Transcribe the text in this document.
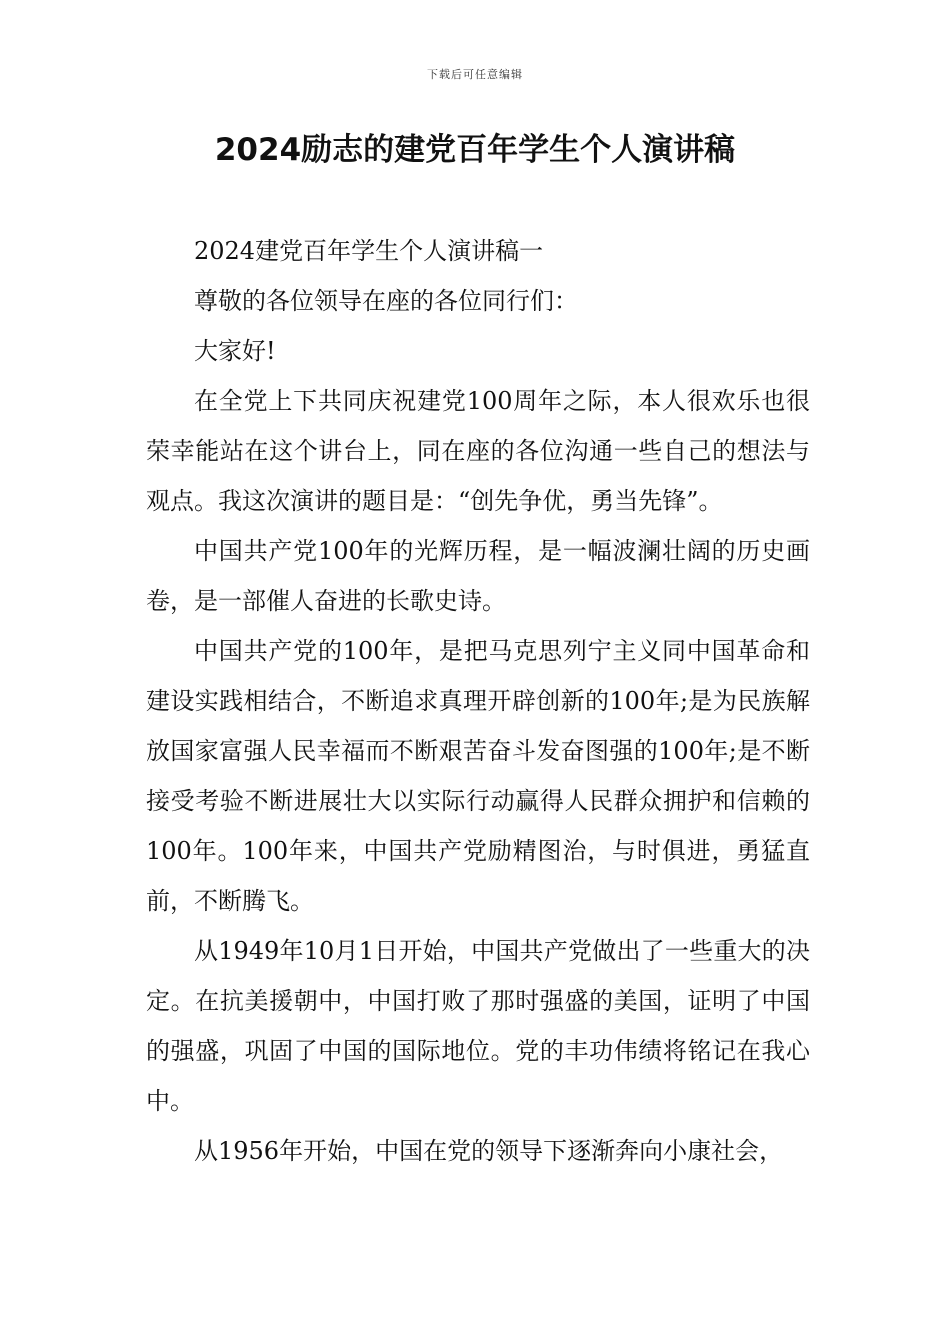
下载后可任意编辑
2024励志的建党百年学生个人演讲稿

2024建党百年学生个人演讲稿一

尊敬的各位领导在座的各位同行们：

大家好!

在全党上下共同庆祝建党100周年之际，本人很欢乐也很荣幸能站在这个讲台上，同在座的各位沟通一些自己的想法与观点。我这次演讲的题目是：“创先争优，勇当先锋”。

中国共产党100年的光辉历程，是一幅波澜壮阔的历史画卷，是一部催人奋进的长歌史诗。

中国共产党的100年，是把马克思列宁主义同中国革命和建设实践相结合，不断追求真理开辟创新的100年;是为民族解放国家富强人民幸福而不断艰苦奋斗发奋图强的100年;是不断接受考验不断进展壮大以实际行动赢得人民群众拥护和信赖的100年。100年来，中国共产党励精图治，与时俱进，勇猛直前，不断腾飞。

从1949年10月1日开始，中国共产党做出了一些重大的决定。在抗美援朝中，中国打败了那时强盛的美国，证明了中国的强盛，巩固了中国的国际地位。党的丰功伟绩将铭记在我心中。

从1956年开始，中国在党的领导下逐渐奔向小康社会，
